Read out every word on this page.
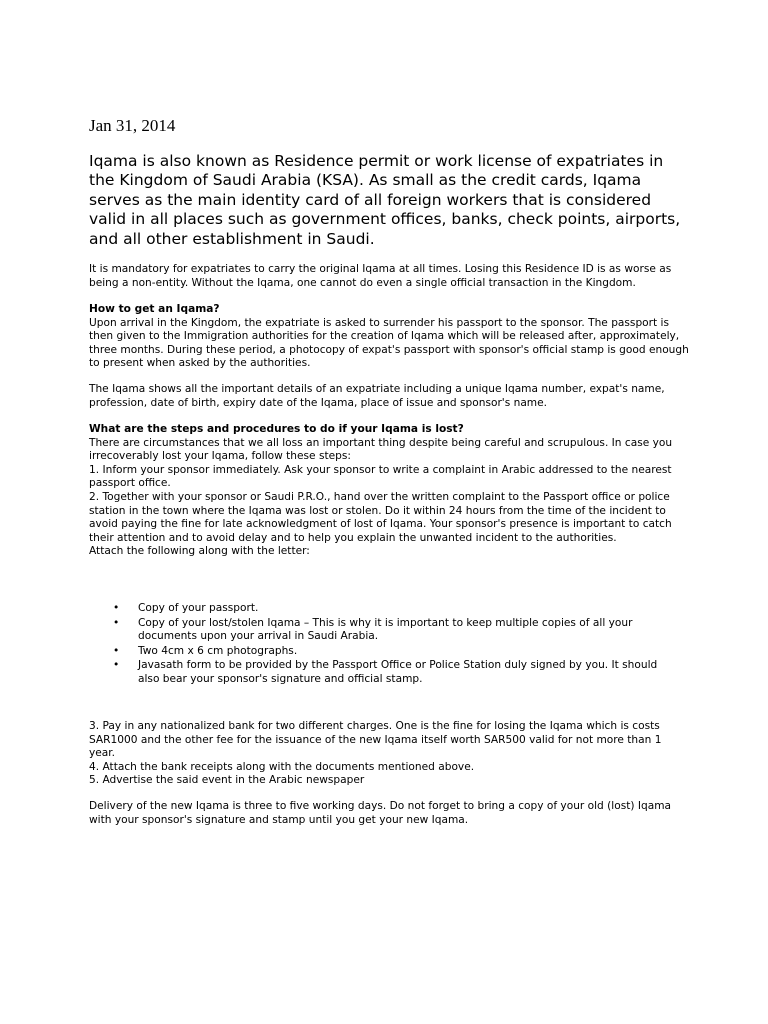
Jan 31, 2014

Iqama is also known as Residence permit or work license of expatriates in the Kingdom of Saudi Arabia (KSA). As small as the credit cards, Iqama serves as the main identity card of all foreign workers that is considered valid in all places such as government offices, banks, check points, airports, and all other establishment in Saudi.

It is mandatory for expatriates to carry the original Iqama at all times. Losing this Residence ID is as worse as being a non-entity. Without the Iqama, one cannot do even a single official transaction in the Kingdom.

How to get an Iqama?
Upon arrival in the Kingdom, the expatriate is asked to surrender his passport to the sponsor. The passport is then given to the Immigration authorities for the creation of Iqama which will be released after, approximately, three months. During these period, a photocopy of expat's passport with sponsor's official stamp is good enough to present when asked by the authorities.

The Iqama shows all the important details of an expatriate including a unique Iqama number, expat's name, profession, date of birth, expiry date of the Iqama, place of issue and sponsor's name.

What are the steps and procedures to do if your Iqama is lost?
There are circumstances that we all loss an important thing despite being careful and scrupulous. In case you irrecoverably lost your Iqama, follow these steps:
1. Inform your sponsor immediately. Ask your sponsor to write a complaint in Arabic addressed to the nearest passport office.
2. Together with your sponsor or Saudi P.R.O., hand over the written complaint to the Passport office or police station in the town where the Iqama was lost or stolen. Do it within 24 hours from the time of the incident to avoid paying the fine for late acknowledgment of lost of Iqama. Your sponsor's presence is important to catch their attention and to avoid delay and to help you explain the unwanted incident to the authorities.
Attach the following along with the letter:

• Copy of your passport.
• Copy of your lost/stolen Iqama – This is why it is important to keep multiple copies of all your documents upon your arrival in Saudi Arabia.
• Two 4cm x 6 cm photographs.
• Javasath form to be provided by the Passport Office or Police Station duly signed by you. It should also bear your sponsor's signature and official stamp.

3. Pay in any nationalized bank for two different charges. One is the fine for losing the Iqama which is costs SAR1000 and the other fee for the issuance of the new Iqama itself worth SAR500 valid for not more than 1 year.
4. Attach the bank receipts along with the documents mentioned above.
5. Advertise the said event in the Arabic newspaper

Delivery of the new Iqama is three to five working days. Do not forget to bring a copy of your old (lost) Iqama with your sponsor's signature and stamp until you get your new Iqama.
